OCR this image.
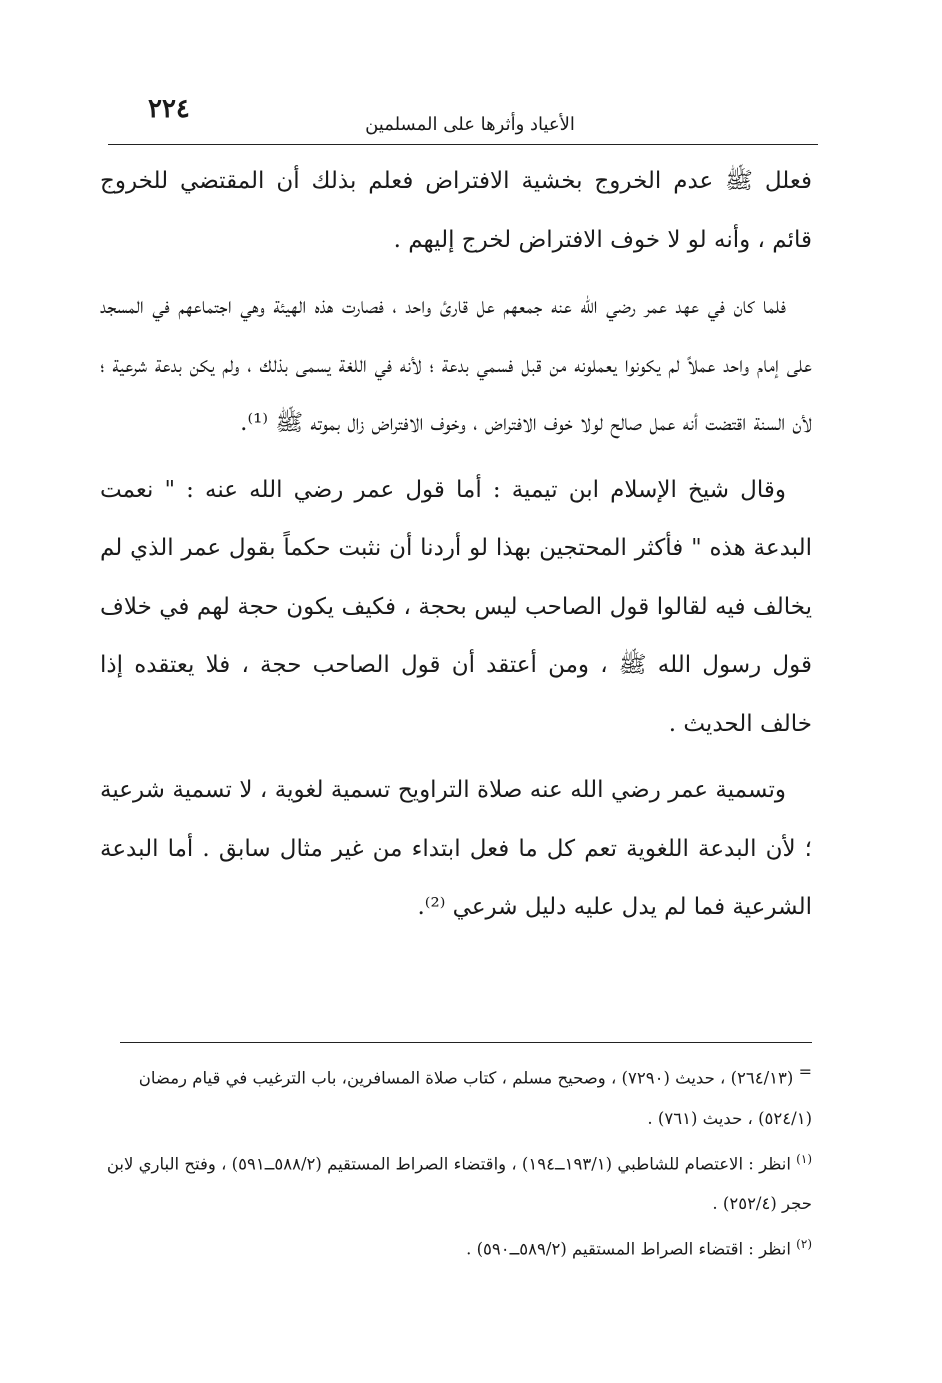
٢٢٤
الأعياد وأثرها على المسلمين

فعلل ﷺ عدم الخروج بخشية الافتراض فعلم بذلك أن المقتضي للخروج قائم ، وأنه لو لا خوف الافتراض لخرج إليهم .

فلما كان في عهد عمر رضي الله عنه جمعهم عل قارئ واحد ، فصارت هذه الهيئة وهي اجتماعهم في المسجد على إمام واحد عملاً لم يكونوا يعملونه من قبل فسمي بدعة ؛ لأنه في اللغة يسمى بذلك ، ولم يكن بدعة شرعية ؛ لأن السنة اقتضت أنه عمل صالح لولا خوف الافتراض ، وخوف الافتراض زال بموته ﷺ ⁽¹⁾.

وقال شيخ الإسلام ابن تيمية : أما قول عمر رضي الله عنه : " نعمت البدعة هذه " فأكثر المحتجين بهذا لو أردنا أن نثبت حكماً بقول عمر الذي لم يخالف فيه لقالوا قول الصاحب ليس بحجة ، فكيف يكون حجة لهم في خلاف قول رسول الله ﷺ ، ومن أعتقد أن قول الصاحب حجة ، فلا يعتقده إذا خالف الحديث .

وتسمية عمر رضي الله عنه صلاة التراويح تسمية لغوية ، لا تسمية شرعية ؛ لأن البدعة اللغوية تعم كل ما فعل ابتداء من غير مثال سابق . أما البدعة الشرعية فما لم يدل عليه دليل شرعي ⁽²⁾.

= (٢٦٤/١٣) ، حديث (٧٢٩٠) ، وصحيح مسلم ، كتاب صلاة المسافرين، باب الترغيب في قيام رمضان (٥٢٤/١) ، حديث (٧٦١) .

$^{(١)}$ انظر : الاعتصام للشاطبي (١٩٣/١ــ١٩٤) ، واقتضاء الصراط المستقيم (٥٨٨/٢ــ٥٩١) ، وفتح الباري لابن حجر (٢٥٢/٤) .

$^{(٢)}$ انظر : اقتضاء الصراط المستقيم (٥٨٩/٢ــ٥٩٠) .
